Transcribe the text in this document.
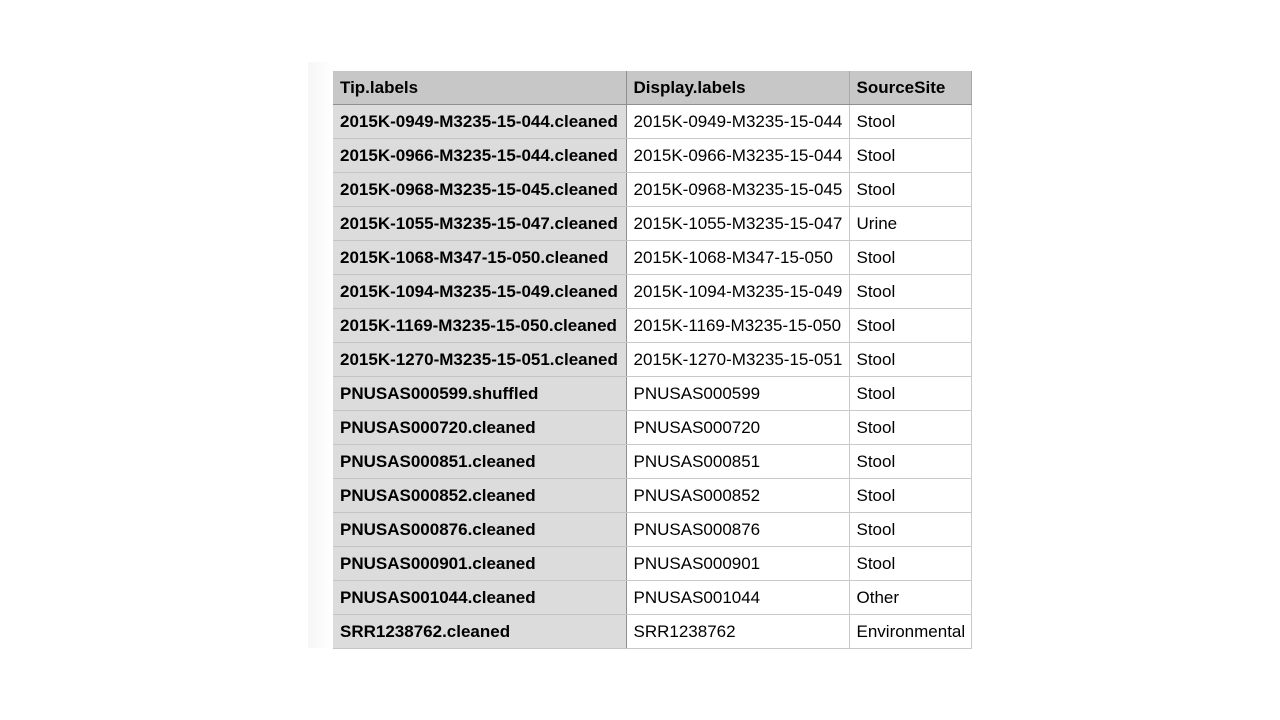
Tip.labels	Display.labels	SourceSite
2015K-0949-M3235-15-044.cleaned	2015K-0949-M3235-15-044	Stool
2015K-0966-M3235-15-044.cleaned	2015K-0966-M3235-15-044	Stool
2015K-0968-M3235-15-045.cleaned	2015K-0968-M3235-15-045	Stool
2015K-1055-M3235-15-047.cleaned	2015K-1055-M3235-15-047	Urine
2015K-1068-M347-15-050.cleaned	2015K-1068-M347-15-050	Stool
2015K-1094-M3235-15-049.cleaned	2015K-1094-M3235-15-049	Stool
2015K-1169-M3235-15-050.cleaned	2015K-1169-M3235-15-050	Stool
2015K-1270-M3235-15-051.cleaned	2015K-1270-M3235-15-051	Stool
PNUSAS000599.shuffled	PNUSAS000599	Stool
PNUSAS000720.cleaned	PNUSAS000720	Stool
PNUSAS000851.cleaned	PNUSAS000851	Stool
PNUSAS000852.cleaned	PNUSAS000852	Stool
PNUSAS000876.cleaned	PNUSAS000876	Stool
PNUSAS000901.cleaned	PNUSAS000901	Stool
PNUSAS001044.cleaned	PNUSAS001044	Other
SRR1238762.cleaned	SRR1238762	Environmental
